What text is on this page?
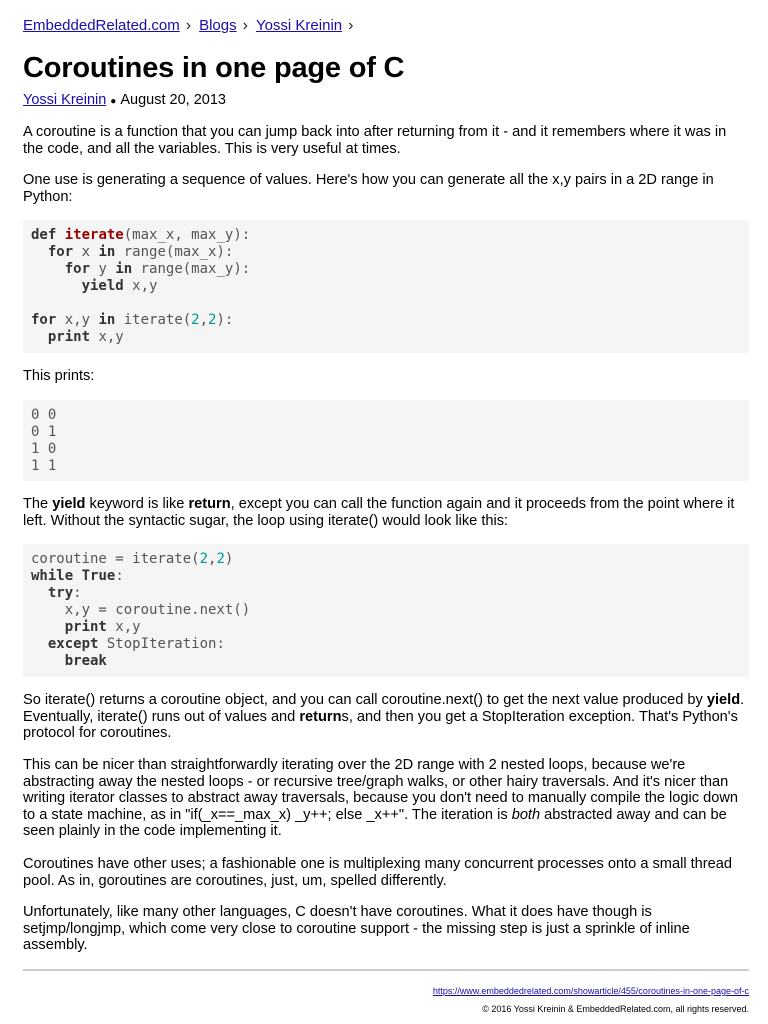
EmbeddedRelated.com › Blogs › Yossi Kreinin ›
Coroutines in one page of C
Yossi Kreinin ● August 20, 2013

A coroutine is a function that you can jump back into after returning from it - and it remembers where it was in the code, and all the variables. This is very useful at times.

One use is generating a sequence of values. Here's how you can generate all the x,y pairs in a 2D range in Python:

def iterate(max_x, max_y):

for x in range(max_x):

for y in range(max_y):

yield x,y

for x,y in iterate(2,2):

print x,y

This prints:

0 0

0 1

1 0

1 1

The yield keyword is like return, except you can call the function again and it proceeds from the point where it left. Without the syntactic sugar, the loop using iterate() would look like this:

coroutine = iterate(2,2)

while True:

try:

x,y = coroutine.next()

print x,y

except StopIteration:

break

So iterate() returns a coroutine object, and you can call coroutine.next() to get the next value produced by yield. Eventually, iterate() runs out of values and returns, and then you get a StopIteration exception. That's Python's protocol for coroutines.

This can be nicer than straightforwardly iterating over the 2D range with 2 nested loops, because we're abstracting away the nested loops - or recursive tree/graph walks, or other hairy traversals. And it's nicer than writing iterator classes to abstract away traversals, because you don't need to manually compile the logic down to a state machine, as in "if(_x==_max_x) _y++; else _x++". The iteration is both abstracted away and can be seen plainly in the code implementing it.

Coroutines have other uses; a fashionable one is multiplexing many concurrent processes onto a small thread pool. As in, goroutines are coroutines, just, um, spelled differently.

Unfortunately, like many other languages, C doesn't have coroutines. What it does have though is setjmp/longjmp, which come very close to coroutine support - the missing step is just a sprinkle of inline assembly.

https://www.embeddedrelated.com/showarticle/455/coroutines-in-one-page-of-c
© 2016 Yossi Kreinin & EmbeddedRelated.com, all rights reserved.
